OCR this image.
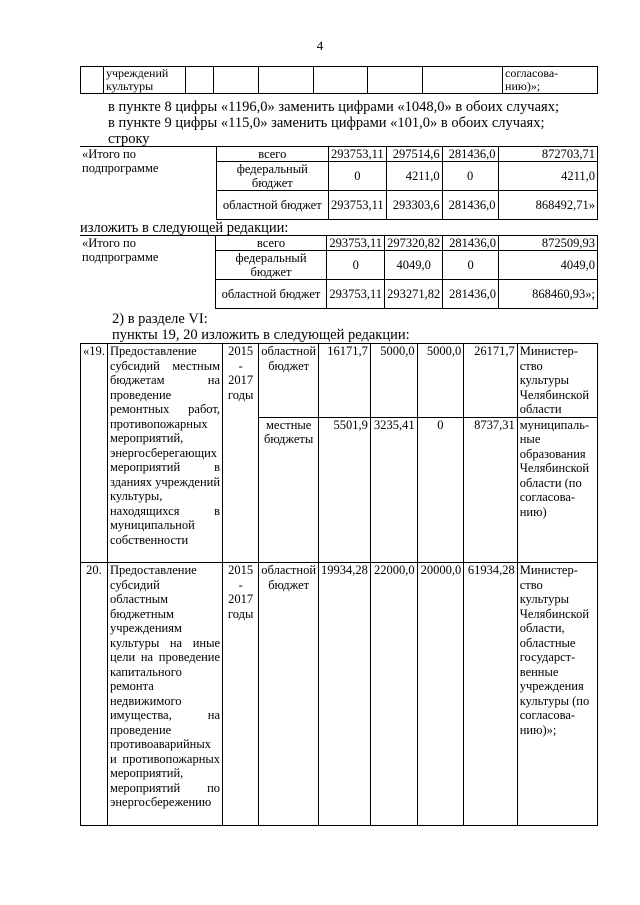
4
	учреждений культуры							согласова- нию)»;
в пункте 8 цифры «1196,0» заменить цифрами «1048,0» в обоих случаях;
в пункте 9 цифры «115,0» заменить цифрами «101,0» в обоих случаях;
строку
«Итого по подпрограмме	всего	293753,11	297514,6	281436,0	872703,71
	федеральный бюджет	0	4211,0	0	4211,0
	областной бюджет	293753,11	293303,6	281436,0	868492,71»
изложить в следующей редакции:
«Итого по подпрограмме	всего	293753,11	297320,82	281436,0	872509,93
	федеральный бюджет	0	4049,0	0	4049,0
	областной бюджет	293753,11	293271,82	281436,0	868460,93»;
2) в разделе VI:
пункты 19, 20 изложить в следующей редакции:
«19.	Предоставление субсидий местным бюджетам на проведение ремонтных работ, противопожарных мероприятий, энергосберегающих мероприятий в зданиях учреждений культуры, находящихся в муниципальной собственности	2015 - 2017 годы	областной бюджет	16171,7	5000,0	5000,0	26171,7	Министер- ство культуры Челябинской области
			местные бюджеты	5501,9	3235,41	0	8737,31	муниципаль- ные образования Челябинской области (по согласова- нию)
20.	Предоставление субсидий областным бюджетным учреждениям культуры на иные цели на проведение капитального ремонта недвижимого имущества, на проведение противоаварийных и противопожарных мероприятий, мероприятий по энергосбережению	2015 - 2017 годы	областной бюджет	19934,28	22000,0	20000,0	61934,28	Министер- ство культуры Челябинской области, областные государст- венные учреждения культуры (по согласова- нию)»;
